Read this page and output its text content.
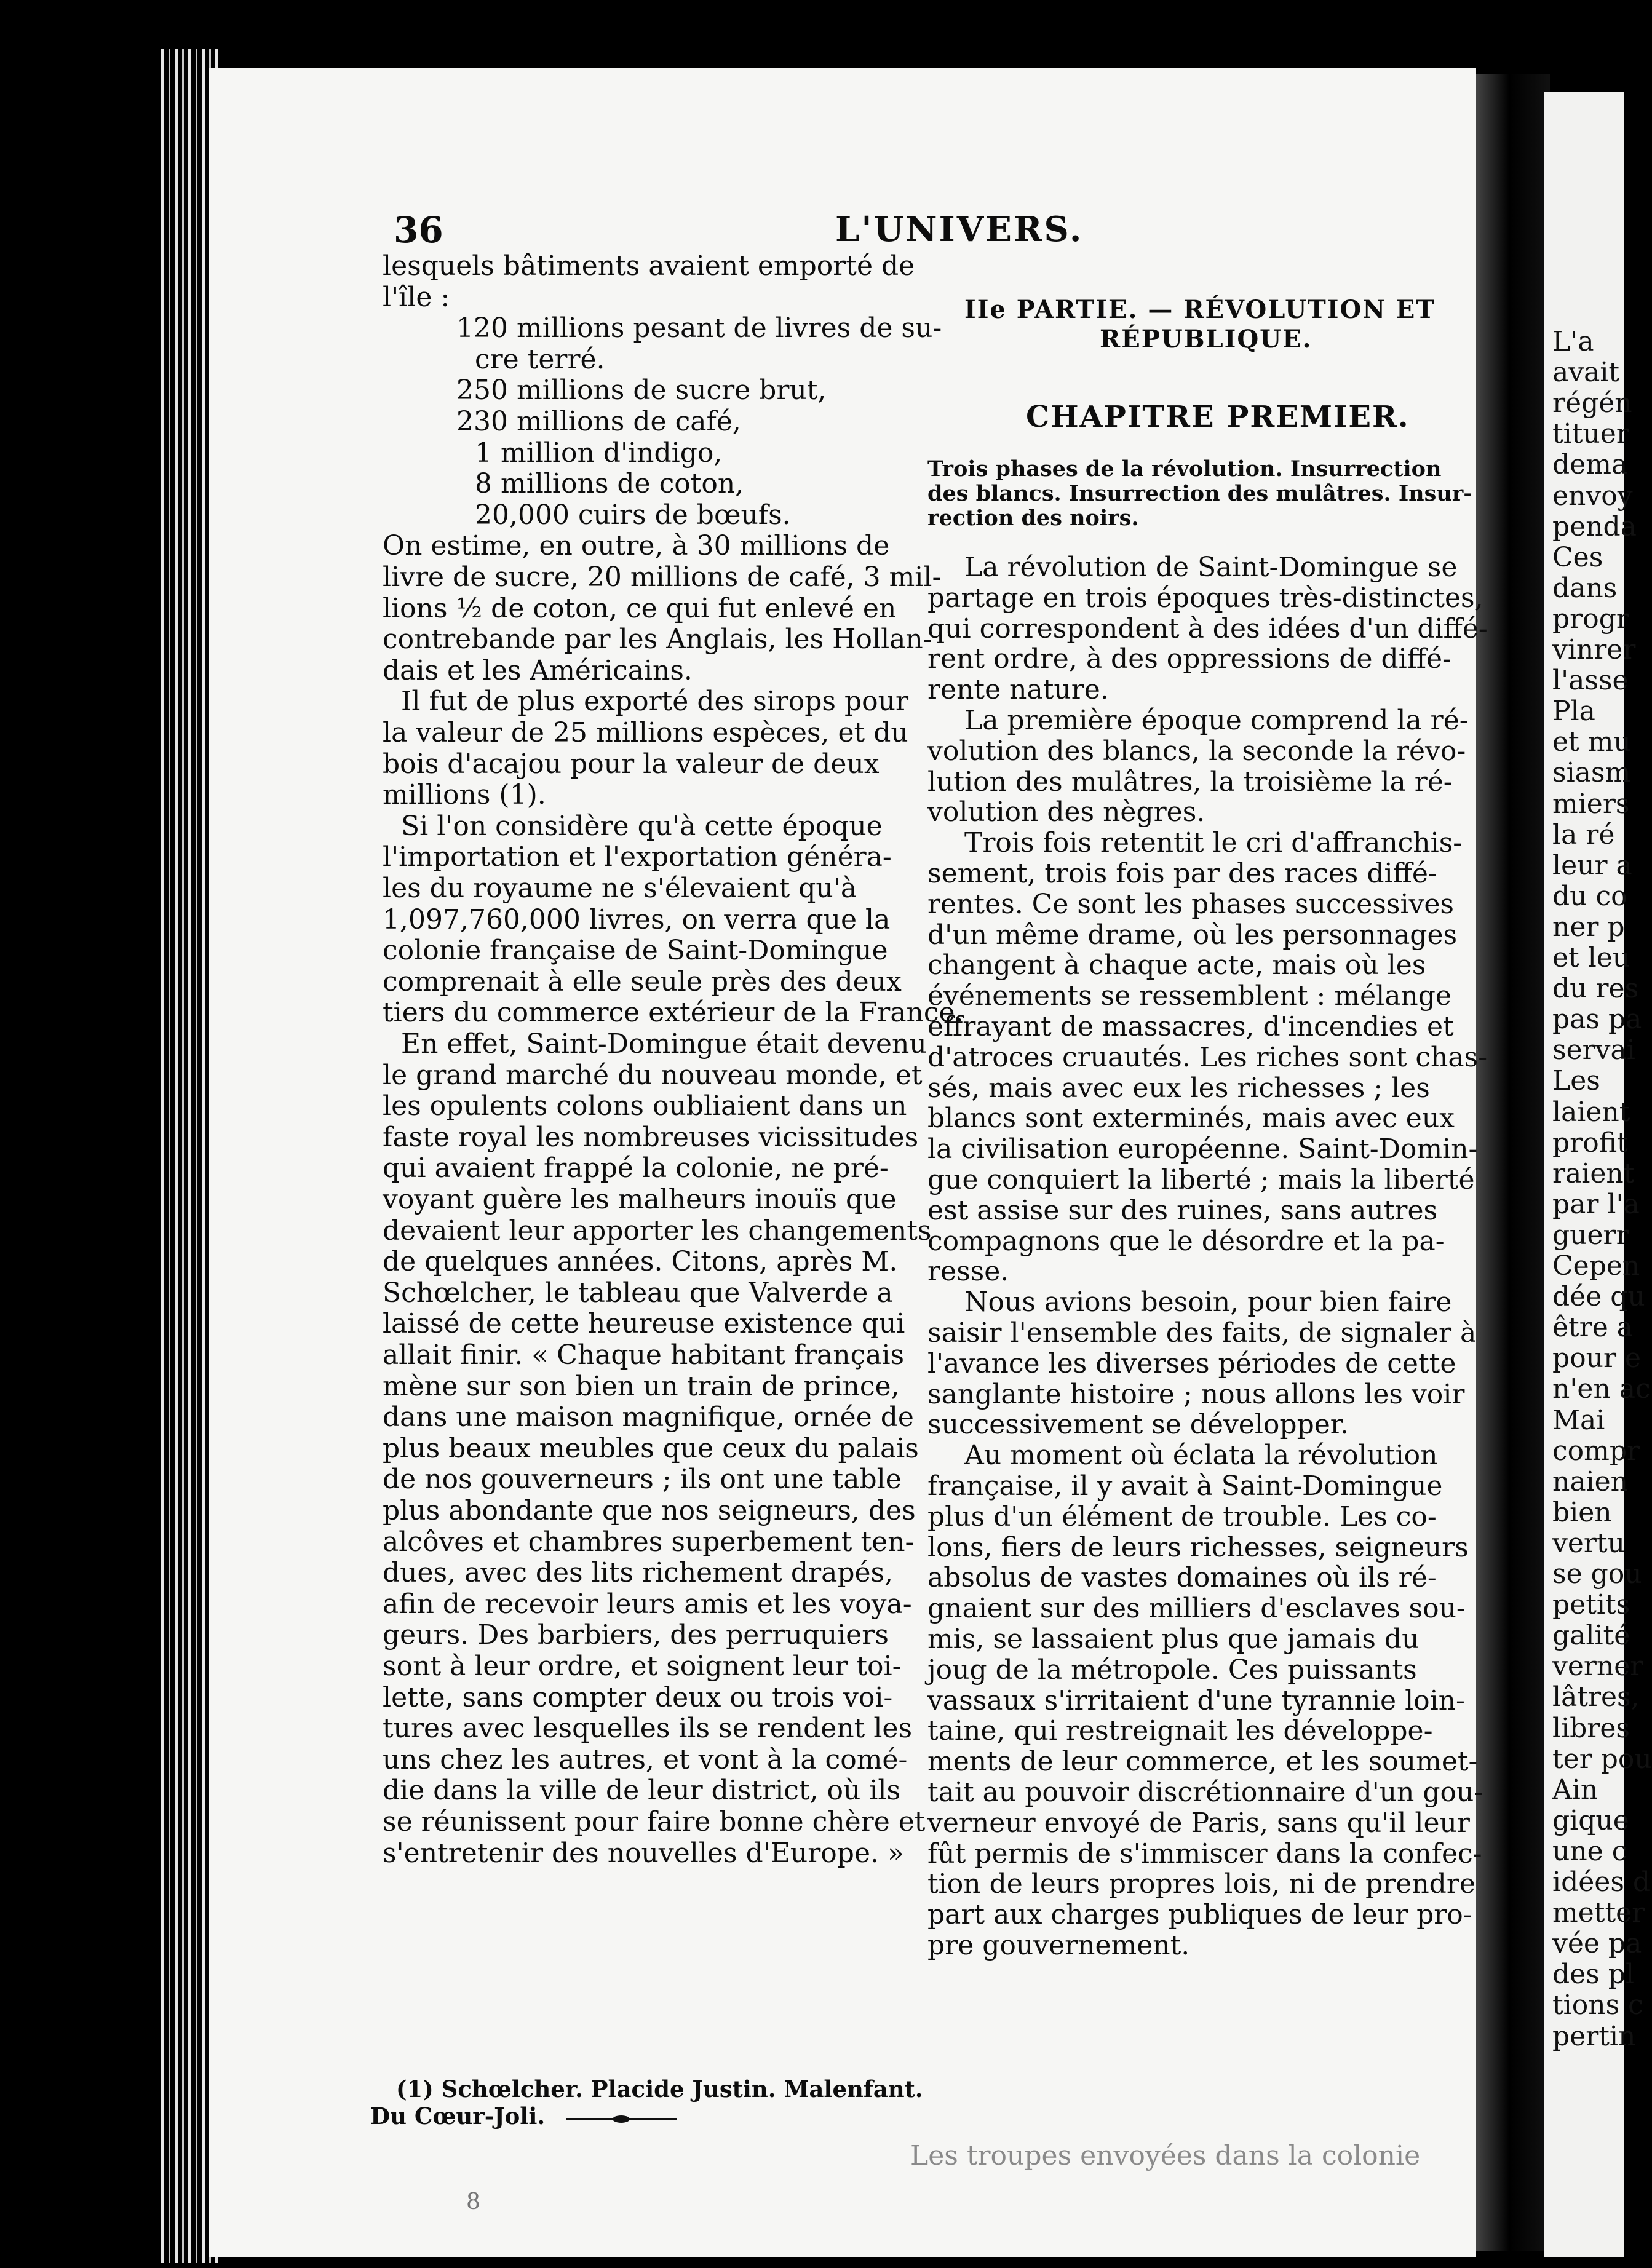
L'a
avait
régén
tituer
dema
envoy
penda
Ces
dans
progr
vinrer
l'asse
Pla
et mu
siasm
miers
la ré
leur a
du co
ner p
et leu
du res
pas pa
servai
Les
laient
profit
raient
par l'a
guerr
Cepen
dée qu
être a
pour e
n'en ac
Mai
compr
naien
bien
vertu
se gou
petits
galité
verner
lâtres,
libres
ter pou
Ain
gique
une c
idées d
metter
vée pa
des pl
tions c
pertin
36	L'UNIVERS.
lesquels bâtiments avaient emporté de
l'île :
120 millions pesant de livres de su-
cre terré.
250 millions de sucre brut,
230 millions de café,
1 million d'indigo,
8 millions de coton,
20,000 cuirs de bœufs.
On estime, en outre, à 30 millions de
livre de sucre, 20 millions de café, 3 mil-
lions ½ de coton, ce qui fut enlevé en
contrebande par les Anglais, les Hollan-
dais et les Américains.
Il fut de plus exporté des sirops pour
la valeur de 25 millions espèces, et du
bois d'acajou pour la valeur de deux
millions (1).
Si l'on considère qu'à cette époque
l'importation et l'exportation généra-
les du royaume ne s'élevaient qu'à
1,097,760,000 livres, on verra que la
colonie française de Saint-Domingue
comprenait à elle seule près des deux
tiers du commerce extérieur de la France.
En effet, Saint-Domingue était devenu
le grand marché du nouveau monde, et
les opulents colons oubliaient dans un
faste royal les nombreuses vicissitudes
qui avaient frappé la colonie, ne pré-
voyant guère les malheurs inouïs que
devaient leur apporter les changements
de quelques années. Citons, après M.
Schœlcher, le tableau que Valverde a
laissé de cette heureuse existence qui
allait finir. « Chaque habitant français
mène sur son bien un train de prince,
dans une maison magnifique, ornée de
plus beaux meubles que ceux du palais
de nos gouverneurs ; ils ont une table
plus abondante que nos seigneurs, des
alcôves et chambres superbement ten-
dues, avec des lits richement drapés,
afin de recevoir leurs amis et les voya-
geurs. Des barbiers, des perruquiers
sont à leur ordre, et soignent leur toi-
lette, sans compter deux ou trois voi-
tures avec lesquelles ils se rendent les
uns chez les autres, et vont à la comé-
die dans la ville de leur district, où ils
se réunissent pour faire bonne chère et
s'entretenir des nouvelles d'Europe. »
(1) Schœlcher. Placide Justin. Malenfant.
Du Cœur-Joli.
IIe PARTIE. — RÉVOLUTION ET
RÉPUBLIQUE.
CHAPITRE PREMIER.
Trois phases de la révolution. Insurrection
des blancs. Insurrection des mulâtres. Insur-
rection des noirs.
La révolution de Saint-Domingue se
partage en trois époques très-distinctes,
qui correspondent à des idées d'un diffé-
rent ordre, à des oppressions de diffé-
rente nature.
La première époque comprend la ré-
volution des blancs, la seconde la révo-
lution des mulâtres, la troisième la ré-
volution des nègres.
Trois fois retentit le cri d'affranchis-
sement, trois fois par des races diffé-
rentes. Ce sont les phases successives
d'un même drame, où les personnages
changent à chaque acte, mais où les
événements se ressemblent : mélange
effrayant de massacres, d'incendies et
d'atroces cruautés. Les riches sont chas-
sés, mais avec eux les richesses ; les
blancs sont exterminés, mais avec eux
la civilisation européenne. Saint-Domin-
gue conquiert la liberté ; mais la liberté
est assise sur des ruines, sans autres
compagnons que le désordre et la pa-
resse.
Nous avions besoin, pour bien faire
saisir l'ensemble des faits, de signaler à
l'avance les diverses périodes de cette
sanglante histoire ; nous allons les voir
successivement se développer.
Au moment où éclata la révolution
française, il y avait à Saint-Domingue
plus d'un élément de trouble. Les co-
lons, fiers de leurs richesses, seigneurs
absolus de vastes domaines où ils ré-
gnaient sur des milliers d'esclaves sou-
mis, se lassaient plus que jamais du
joug de la métropole. Ces puissants
vassaux s'irritaient d'une tyrannie loin-
taine, qui restreignait les développe-
ments de leur commerce, et les soumet-
tait au pouvoir discrétionnaire d'un gou-
verneur envoyé de Paris, sans qu'il leur
fût permis de s'immiscer dans la confec-
tion de leurs propres lois, ni de prendre
part aux charges publiques de leur pro-
pre gouvernement.
Les troupes envoyées dans la colonie
8
